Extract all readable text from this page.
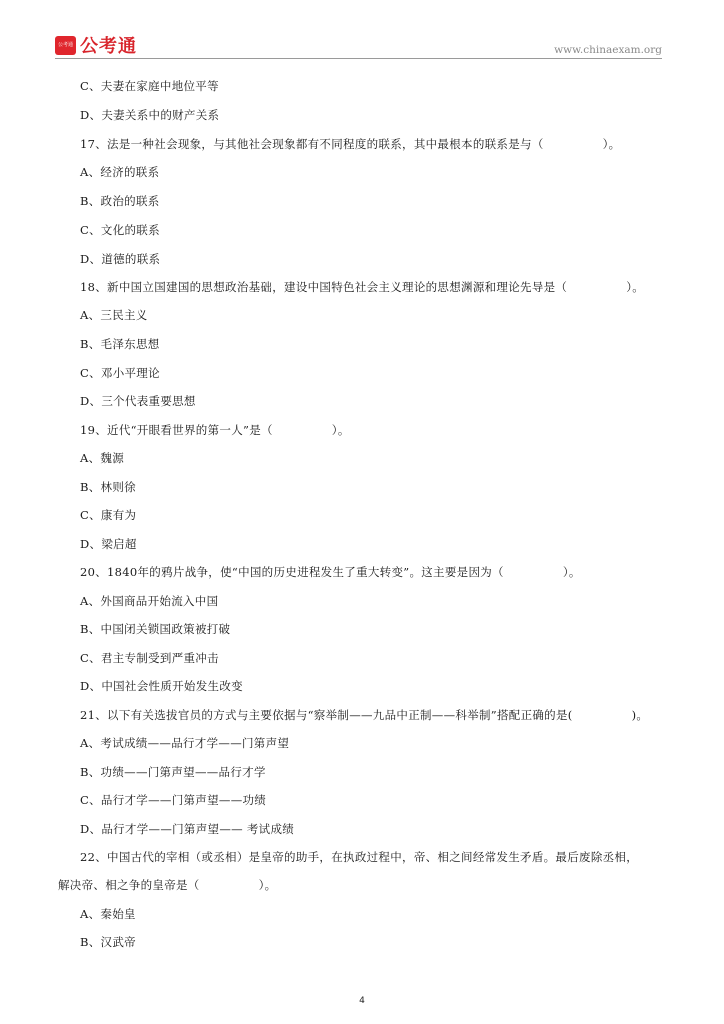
公考通 公考通	www.chinaexam.org
C、夫妻在家庭中地位平等
D、夫妻关系中的财产关系
17、法是一种社会现象，与其他社会现象都有不同程度的联系，其中最根本的联系是与（　　　　　）。
A、经济的联系
B、政治的联系
C、文化的联系
D、道德的联系
18、新中国立国建国的思想政治基础，建设中国特色社会主义理论的思想渊源和理论先导是（　　　　　）。
A、三民主义
B、毛泽东思想
C、邓小平理论
D、三个代表重要思想
19、近代“开眼看世界的第一人”是（　　　　　）。
A、魏源
B、林则徐
C、康有为
D、梁启超
20、1840年的鸦片战争，使“中国的历史进程发生了重大转变”。这主要是因为（　　　　　）。
A、外国商品开始流入中国
B、中国闭关锁国政策被打破
C、君主专制受到严重冲击
D、中国社会性质开始发生改变
21、以下有关选拔官员的方式与主要依据与“察举制——九品中正制——科举制”搭配正确的是(　　　　　)。
A、考试成绩——品行才学——门第声望
B、功绩——门第声望——品行才学
C、品行才学——门第声望——功绩
D、品行才学——门第声望—— 考试成绩
22、中国古代的宰相（或丞相）是皇帝的助手，在执政过程中，帝、相之间经常发生矛盾。最后废除丞相，
解决帝、相之争的皇帝是（　　　　　）。
A、秦始皇
B、汉武帝
4
